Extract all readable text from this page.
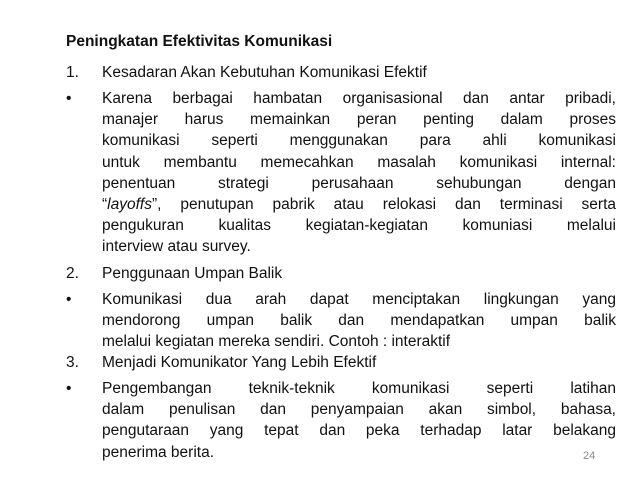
Peningkatan Efektivitas Komunikasi
1. Kesadaran Akan Kebutuhan Komunikasi Efektif
• Karena berbagai hambatan organisasional dan antar pribadi,
manajer harus memainkan peran penting dalam proses
komunikasi seperti menggunakan para ahli komunikasi
untuk membantu memecahkan masalah komunikasi internal:
penentuan strategi perusahaan sehubungan dengan
“layoffs”, penutupan pabrik atau relokasi dan terminasi serta
pengukuran kualitas kegiatan-kegiatan komuniasi melalui
interview atau survey.
2. Penggunaan Umpan Balik
• Komunikasi dua arah dapat menciptakan lingkungan yang
mendorong umpan balik dan mendapatkan umpan balik
melalui kegiatan mereka sendiri. Contoh : interaktif
3. Menjadi Komunikator Yang Lebih Efektif
• Pengembangan teknik-teknik komunikasi seperti latihan
dalam penulisan dan penyampaian akan simbol, bahasa,
pengutaraan yang tepat dan peka terhadap latar belakang
penerima berita.	24
